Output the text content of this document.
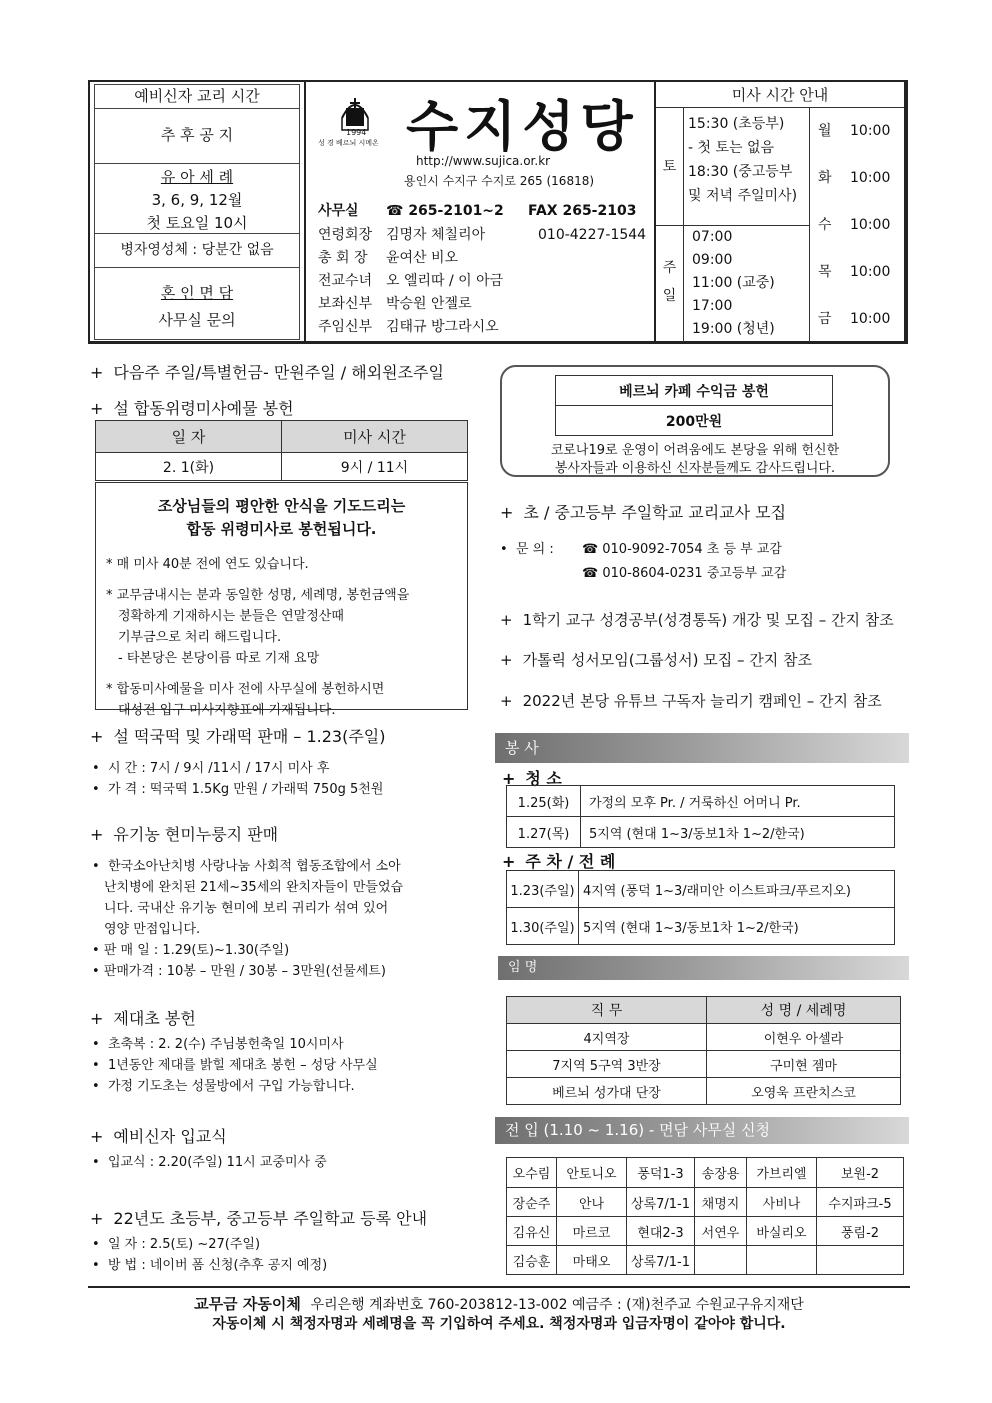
예비신자 교리 시간
추 후 공 지
유 아 세 례
3, 6, 9, 12월
첫 토요일 10시
병자영성체 : 당분간 없음
혼 인 면 담
사무실 문의
1994
성 경 베르뇌 시메온 수지성당
http://www.sujica.or.kr
용인시 수지구 수지로 265 (16818)
사무실 ☎ 265-2101~2 FAX 265-2103
연령회장 김명자 체칠리아	010-4227-1544
총 회 장 윤여산 비오
전교수녀 오 엘리따 / 이 아금
보좌신부 박승원 안젤로
주임신부 김태규 방그라시오
미사 시간 안내
토
15:30 (초등부)
- 첫 토는 없음
18:30 (중고등부
및 저녁 주일미사)
주일
07:00
09:00
11:00 (교중)
17:00
19:00 (청년)
월 10:00
화 10:00
수 10:00
목 10:00
금 10:00
+ 다음주 주일/특별헌금- 만원주일 / 해외원조주일
+ 설 합동위령미사예물 봉헌
일 자	미사 시간
2. 1(화)	9시 / 11시
조상님들의 평안한 안식을 기도드리는
합동 위령미사로 봉헌됩니다.
* 매 미사 40분 전에 연도 있습니다.
* 교무금내시는 분과 동일한 성명, 세례명, 봉헌금액을
정확하게 기재하시는 분들은 연말정산때
기부금으로 처리 해드립니다.
- 타본당은 본당이름 따로 기재 요망
* 합동미사예물을 미사 전에 사무실에 봉헌하시면
대성전 입구 미사지향표에 기재됩니다.
+ 설 떡국떡 및 가래떡 판매 – 1.23(주일)
•  시 간 : 7시 / 9시 /11시 / 17시 미사 후
•  가 격 : 떡국떡 1.5Kg 만원 / 가래떡 750g 5천원
+ 유기농 현미누룽지 판매
•  한국소아난치병 사랑나눔 사회적 협동조합에서 소아
난치병에 완치된 21세~35세의 완치자들이 만들었습
니다. 국내산 유기농 현미에 보리 귀리가 섞여 있어
영양 만점입니다.
• 판 매 일 : 1.29(토)~1.30(주일)
• 판매가격 : 10봉 – 만원 / 30봉 – 3만원(선물세트)
+ 제대초 봉헌
•  초축복 : 2. 2(수) 주님봉헌축일 10시미사
•  1년동안 제대를 밝힐 제대초 봉헌 – 성당 사무실
•  가정 기도초는 성물방에서 구입 가능합니다.
+ 예비신자 입교식
•  입교식 : 2.20(주일) 11시 교중미사 중
+ 22년도 초등부, 중고등부 주일학교 등록 안내
•  일 자 : 2.5(토) ~27(주일)
•  방 법 : 네이버 폼 신청(추후 공지 예정)
베르뇌 카페 수익금 봉헌
200만원
코로나19로 운영이 어려움에도 본당을 위해 헌신한
봉사자들과 이용하신 신자분들께도 감사드립니다.
+ 초 / 중고등부 주일학교 교리교사 모집
•  문 의 : ☎ 010-9092-7054 초 등 부 교감
☎ 010-8604-0231 중고등부 교감
+ 1학기 교구 성경공부(성경통독) 개강 및 모집 – 간지 참조
+ 가톨릭 성서모임(그룹성서) 모집 – 간지 참조
+ 2022년 본당 유튜브 구독자 늘리기 캠페인 – 간지 참조
봉 사
+ 청 소
1.25(화)	가정의 모후 Pr. / 거룩하신 어머니 Pr.
1.27(목)	5지역 (현대 1~3/동보1차 1~2/한국)
+ 주 차 / 전 례
1.23(주일)	4지역 (풍덕 1~3/래미안 이스트파크/푸르지오)
1.30(주일)	5지역 (현대 1~3/동보1차 1~2/한국)
임 명
직 무	성 명 / 세례명
4지역장	이현우 아셀라
7지역 5구역 3반장	구미현 젬마
베르뇌 성가대 단장	오영욱 프란치스코
전 입 (1.10 ~ 1.16) - 면담 사무실 신청
오수림	안토니오	풍덕1-3	송장용	가브리엘	보원-2
장순주	안나	상록7/1-1	채명지	사비나	수지파크-5
김유신	마르코	현대2-3	서연우	바실리오	풍림-2
김승훈	마태오	상록7/1-1			
교무금 자동이체 우리은행 계좌번호 760-203812-13-002 예금주 : (재)천주교 수원교구유지재단
자동이체 시 책정자명과 세례명을 꼭 기입하여 주세요. 책정자명과 입금자명이 같아야 합니다.
